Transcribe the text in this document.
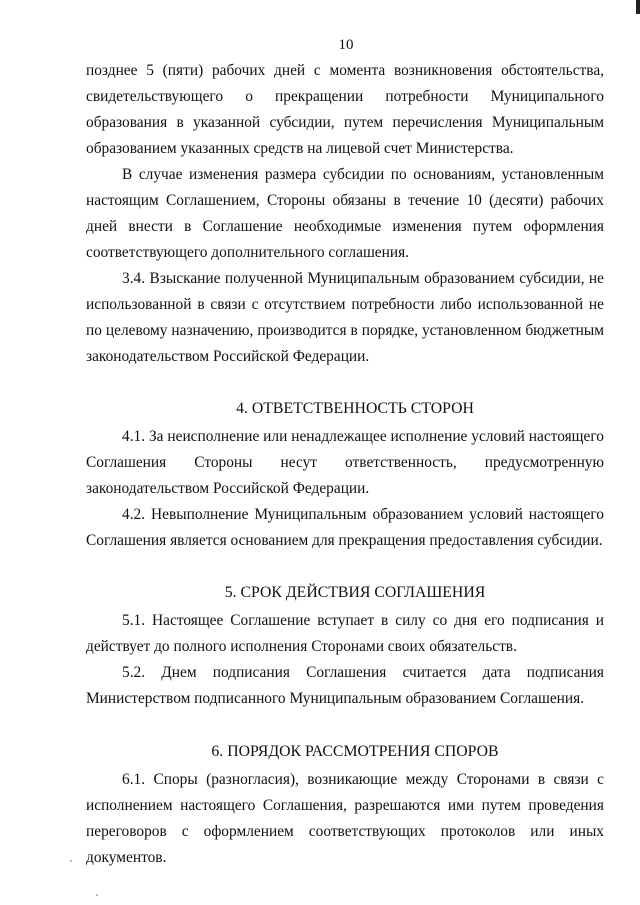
10

позднее 5 (пяти) рабочих дней с момента возникновения обстоятельства, свидетельствующего о прекращении потребности Муниципального образования в указанной субсидии, путем перечисления Муниципальным образованием указанных средств на лицевой счет Министерства.

В случае изменения размера субсидии по основаниям, установленным настоящим Соглашением, Стороны обязаны в течение 10 (десяти) рабочих дней внести в Соглашение необходимые изменения путем оформления соответствующего дополнительного соглашения.

3.4. Взыскание полученной Муниципальным образованием субсидии, не использованной в связи с отсутствием потребности либо использованной не по целевому назначению, производится в порядке, установленном бюджетным законодательством Российской Федерации.

4. ОТВЕТСТВЕННОСТЬ СТОРОН

4.1. За неисполнение или ненадлежащее исполнение условий настоящего Соглашения Стороны несут ответственность, предусмотренную законодательством Российской Федерации.

4.2. Невыполнение Муниципальным образованием условий настоящего Соглашения является основанием для прекращения предоставления субсидии.

5. СРОК ДЕЙСТВИЯ СОГЛАШЕНИЯ

5.1. Настоящее Соглашение вступает в силу со дня его подписания и действует до полного исполнения Сторонами своих обязательств.

5.2. Днем подписания Соглашения считается дата подписания Министерством подписанного Муниципальным образованием Соглашения.

6. ПОРЯДОК РАССМОТРЕНИЯ СПОРОВ

6.1. Споры (разногласия), возникающие между Сторонами в связи с исполнением настоящего Соглашения, разрешаются ими путем проведения переговоров с оформлением соответствующих протоколов или иных документов.
